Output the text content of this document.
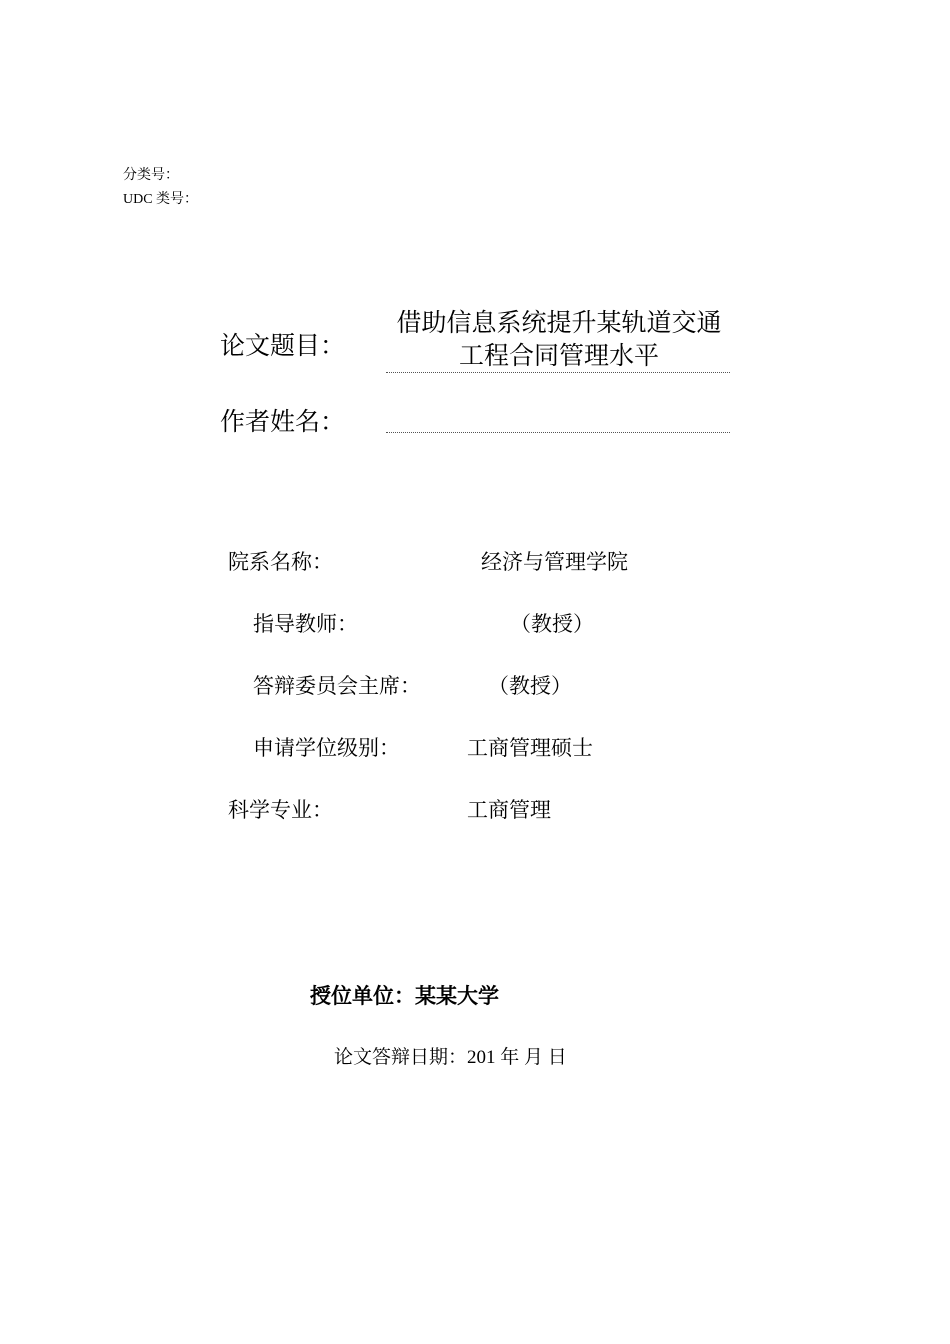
分类号：
UDC 类号：
论文题目：
借助信息系统提升某轨道交通工程合同管理水平
作者姓名：
院系名称：	经济与管理学院
指导教师：	（教授）
答辩委员会主席：	（教授）
申请学位级别：	工商管理硕士
科学专业：	工商管理
授位单位：某某大学
论文答辩日期：201 年 月 日
